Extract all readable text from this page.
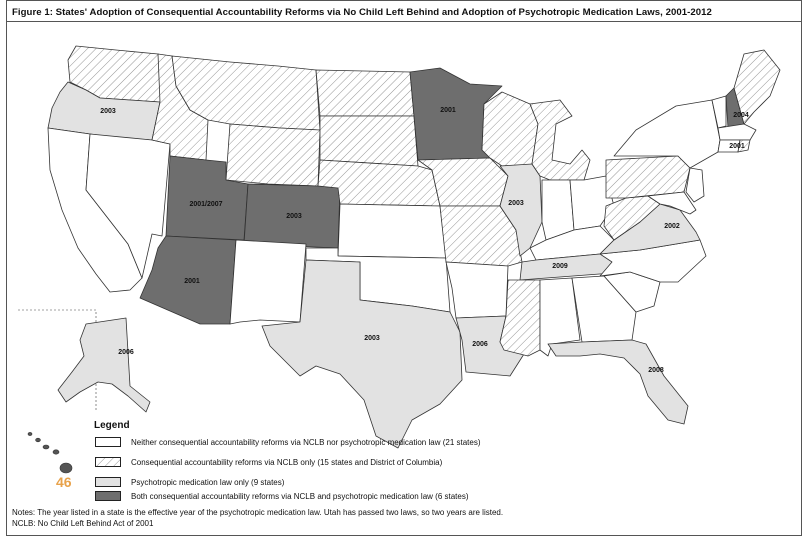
Figure 1: States' Adoption of Consequential Accountability Reforms via No Child Left Behind and Adoption of Psychotropic Medication Laws, 2001-2012
2003	2001
2001/2007
2003
2001
2003
2002
2009
2003
2006
2008
2006
2004
2001
Legend
Neither consequential accountability reforms via NCLB nor psychotropic medication law (21 states)
Consequential accountability reforms via NCLB only (15 states and District of Columbia)
Psychotropic medication law only (9 states)
Both consequential accountability reforms via NCLB and psychotropic medication law (6 states)
46
Notes: The year listed in a state is the effective year of the psychotropic medication law. Utah has passed two laws, so two years are listed.
NCLB: No Child Left Behind Act of 2001
